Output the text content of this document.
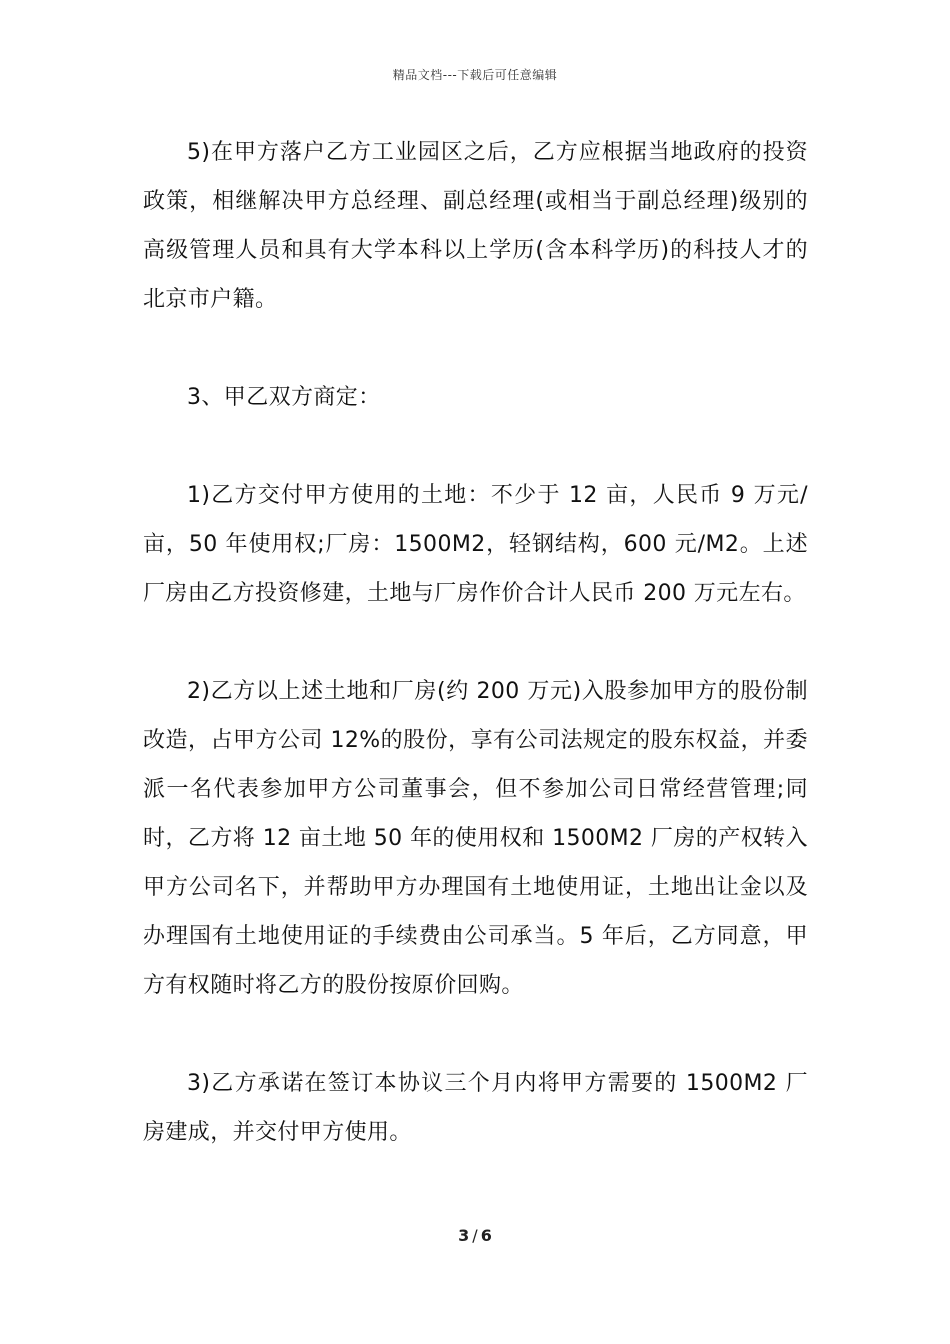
精品文档---下载后可任意编辑

5)在甲方落户乙方工业园区之后，乙方应根据当地政府的投资政策，相继解决甲方总经理、副总经理(或相当于副总经理)级别的高级管理人员和具有大学本科以上学历(含本科学历)的科技人才的北京市户籍。

3、甲乙双方商定：

1)乙方交付甲方使用的土地：不少于 12 亩，人民币 9 万元/亩，50 年使用权;厂房：1500M2，轻钢结构，600 元/M2。上述厂房由乙方投资修建，土地与厂房作价合计人民币 200 万元左右。

2)乙方以上述土地和厂房(约 200 万元)入股参加甲方的股份制改造，占甲方公司 12%的股份，享有公司法规定的股东权益，并委派一名代表参加甲方公司董事会，但不参加公司日常经营管理;同时，乙方将 12 亩土地 50 年的使用权和 1500M2 厂房的产权转入甲方公司名下，并帮助甲方办理国有土地使用证，土地出让金以及办理国有土地使用证的手续费由公司承当。5 年后，乙方同意，甲方有权随时将乙方的股份按原价回购。

3)乙方承诺在签订本协议三个月内将甲方需要的 1500M2 厂房建成，并交付甲方使用。

3 / 6
